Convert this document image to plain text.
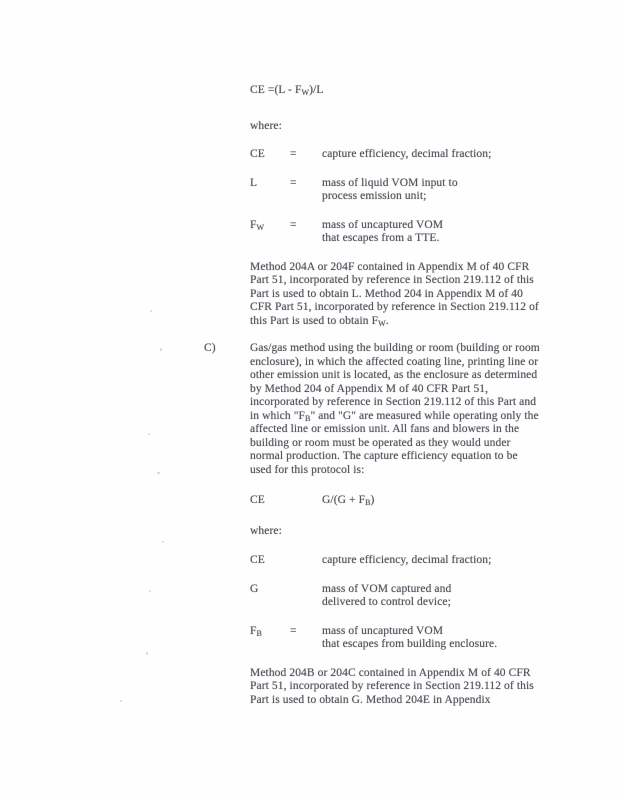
CE $=(L - F_W)/L$

where:

CE	=	capture efficiency, decimal fraction;
L	=	mass of liquid VOM input to
process emission unit;
$F_W$	=	mass of uncaptured VOM
that escapes from a TTE.

Method 204A or 204F contained in Appendix M of 40 CFR Part 51, incorporated by reference in Section 219.112 of this Part is used to obtain L. Method 204 in Appendix M of 40 CFR Part 51, incorporated by reference in Section 219.112 of this Part is used to obtain $F_W$.

C)	Gas/gas method using the building or room (building or room enclosure), in which the affected coating line, printing line or other emission unit is located, as the enclosure as determined by Method 204 of Appendix M of 40 CFR Part 51, incorporated by reference in Section 219.112 of this Part and in which "$F_B$" and "G" are measured while operating only the affected line or emission unit. All fans and blowers in the building or room must be operated as they would under normal production. The capture efficiency equation to be used for this protocol is:

CE	$G/(G + F_B)$

where:

CE	capture efficiency, decimal fraction;
G	mass of VOM captured and
delivered to control device;
$F_B$	=	mass of uncaptured VOM
that escapes from building enclosure.

Method 204B or 204C contained in Appendix M of 40 CFR Part 51, incorporated by reference in Section 219.112 of this Part is used to obtain G. Method 204E in Appendix
